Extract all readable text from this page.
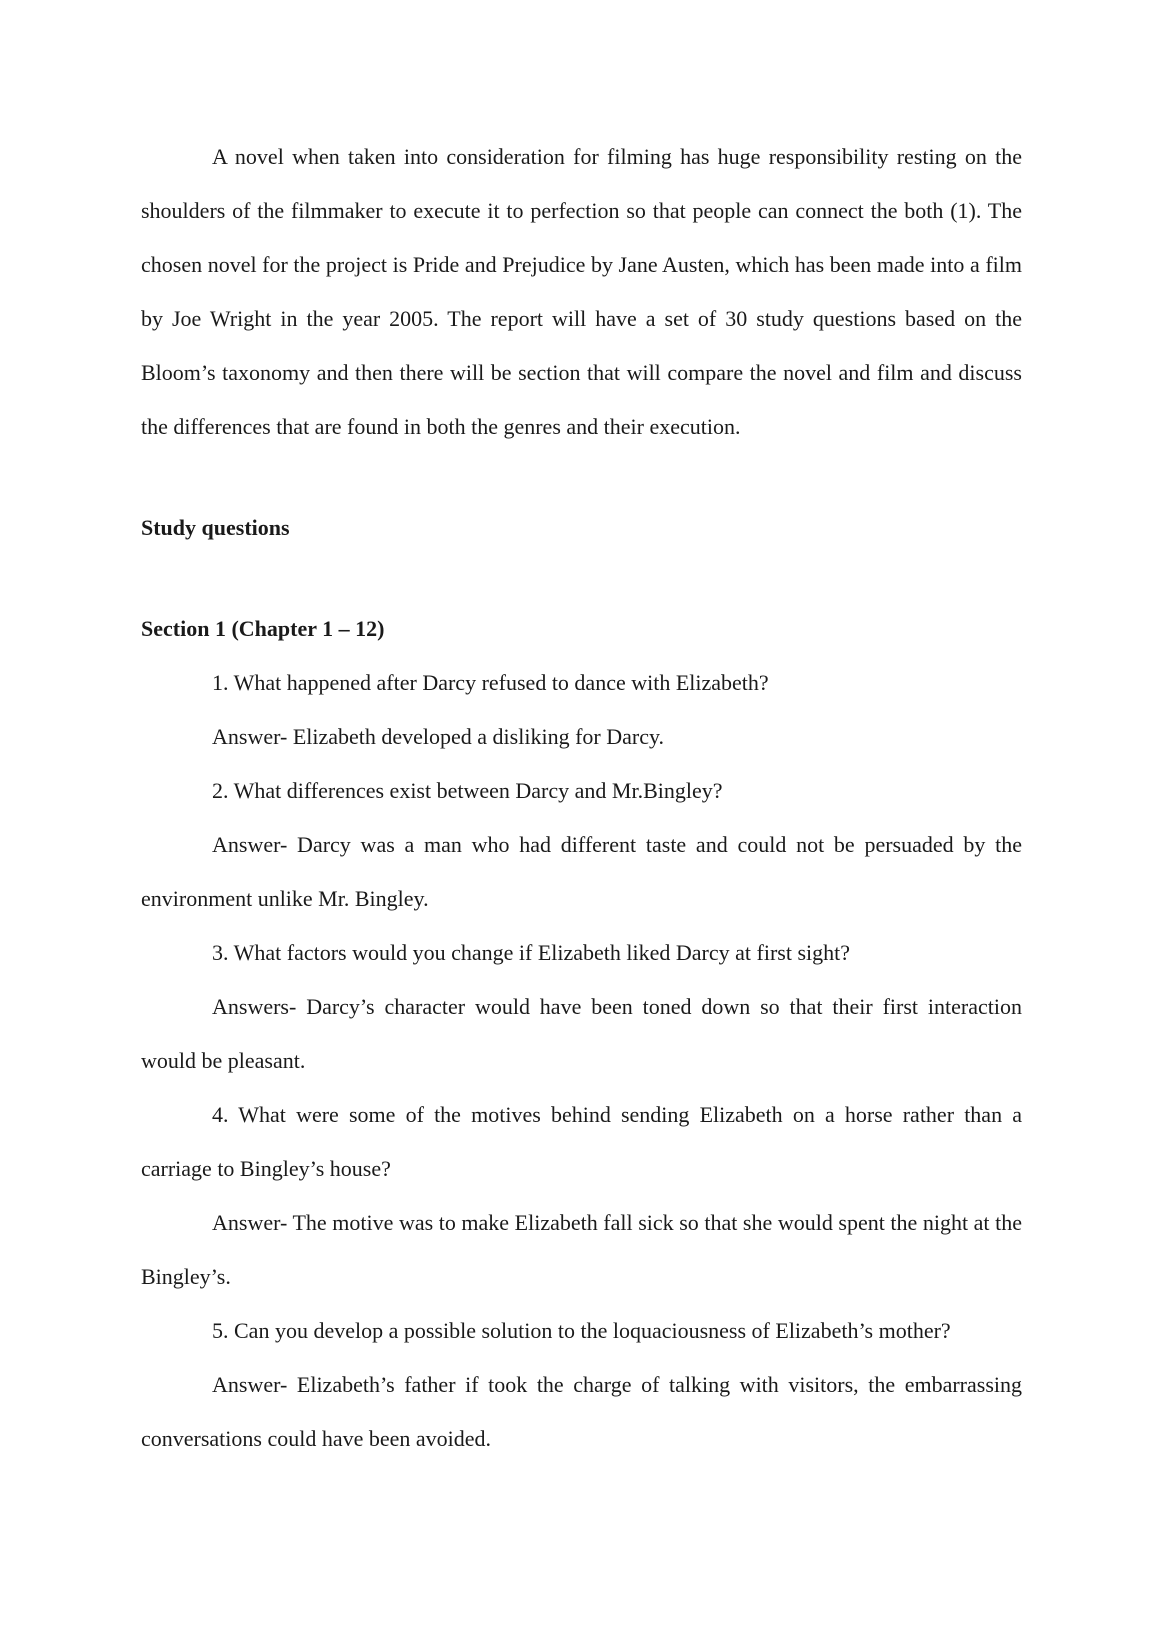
A novel when taken into consideration for filming has huge responsibility resting on the shoulders of the filmmaker to execute it to perfection so that people can connect the both (1). The chosen novel for the project is Pride and Prejudice by Jane Austen, which has been made into a film by Joe Wright in the year 2005. The report will have a set of 30 study questions based on the Bloom’s taxonomy and then there will be section that will compare the novel and film and discuss the differences that are found in both the genres and their execution.

Study questions

Section 1 (Chapter 1 – 12)

1. What happened after Darcy refused to dance with Elizabeth?

Answer- Elizabeth developed a disliking for Darcy.

2. What differences exist between Darcy and Mr.Bingley?

Answer- Darcy was a man who had different taste and could not be persuaded by the environment unlike Mr. Bingley.

3. What factors would you change if Elizabeth liked Darcy at first sight?

Answers- Darcy’s character would have been toned down so that their first interaction would be pleasant.

4. What were some of the motives behind sending Elizabeth on a horse rather than a carriage to Bingley’s house?

Answer- The motive was to make Elizabeth fall sick so that she would spent the night at the Bingley’s.

5. Can you develop a possible solution to the loquaciousness of Elizabeth’s mother?

Answer- Elizabeth’s father if took the charge of talking with visitors, the embarrassing conversations could have been avoided.
